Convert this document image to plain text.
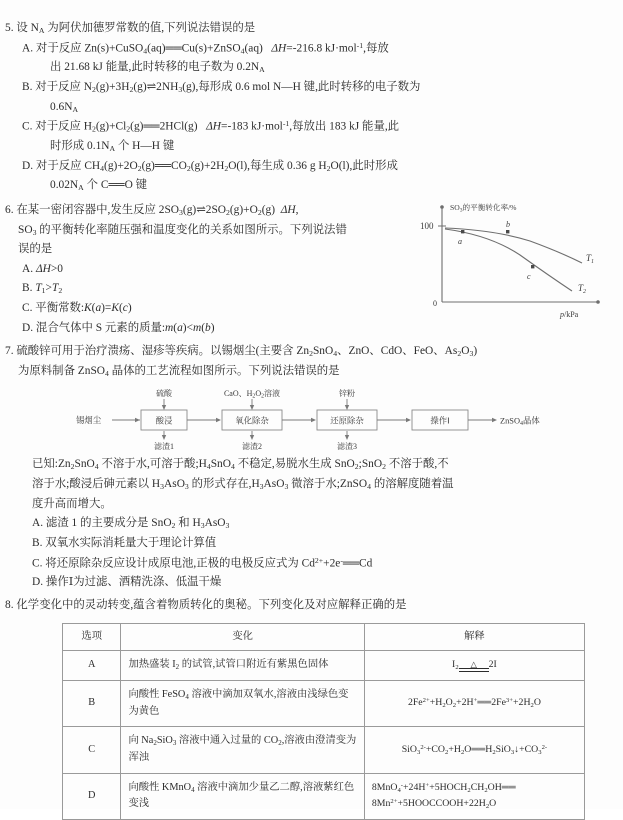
5. 设 $N_A$ 为阿伏加德罗常数的值,下列说法错误的是
A. 对于反应 Zn(s)+CuSO$_4$(aq)══Cu(s)+ZnSO$_4$(aq)   ΔH=-216.8 kJ·mol$^{-1}$,每放
出 21.68 kJ 能量,此时转移的电子数为 $0.2N_A$
B. 对于反应 $N_2(g)+3H_2(g)\rightleftharpoons 2NH_3(g)$,每形成 0.6 mol N—H 键,此时转移的电子数为
$0.6N_A$
C. 对于反应 $H_2(g)+Cl_2(g)══2HCl(g)$   ΔH=-183 kJ·mol$^{-1}$,每放出 183 kJ 能量,此
时形成 $0.1N_A$ 个 H—H 键
D. 对于反应 $CH_4(g)+2O_2(g)══CO_2(g)+2H_2O(l)$,每生成 0.36 g $H_2O(l)$,此时形成
$0.02N_A$ 个 C══O 键
6. 在某一密闭容器中,发生反应 $2SO_3(g)\rightleftharpoons 2SO_2(g)+O_2(g)$  ΔH,
$SO_3$ 的平衡转化率随压强和温度变化的关系如图所示。下列说法错
误的是
A. ΔH>0
B. $T_1>T_2$
C. 平衡常数:K(a)=K(c)
D. 混合气体中 S 元素的质量:m(a)<m(b)
100
0
$SO_3$的平衡转化率/%
p/kPa
a
b
c
$T_1$
$T_2$
7. 硫酸锌可用于治疗溃疡、湿疹等疾病。以锡烟尘(主要含 $Zn_2SnO_4$、ZnO、CdO、FeO、$As_2O_3$)
为原料制备 ZnSO$_4$ 晶体的工艺流程如图所示。下列说法错误的是
锡烟尘	酸浸
硫酸
滤渣1
氧化除杂
CaO、H2O2溶液
滤渣2
还原除杂
锌粉
滤渣3
操作Ⅰ	ZnSO4晶体
已知$:Zn_2SnO_4$ 不溶于水,可溶于酸$;H_4SnO_4$ 不稳定,易脱水生成 SnO$_2$;SnO$_2$ 不溶于酸,不
溶于水;酸浸后砷元素以 $H_3AsO_3$ 的形式存在$,H_3AsO_3$ 微溶于水;ZnSO$_4$ 的溶解度随着温
度升高而增大。
A. 滤渣 1 的主要成分是 SnO$_2$ 和 $H_3AsO_3$
B. 双氧水实际消耗量大于理论计算值
C. 将还原除杂反应设计成原电池,正极的电极反应式为 $Cd^{2+}+2e^-══Cd$
D. 操作Ⅰ为过滤、酒精洗涤、低温干燥
8. 化学变化中的灵动转变,蕴含着物质转化的奥秘。下列变化及对应解释正确的是
选项	变化	解释
A	加热盛装 $I_2$ 的试管,试管口附近有紫黑色固体	$I_2$ △ 2I
B	向酸性 FeSO$_4$ 溶液中滴加双氧水,溶液由浅绿色变为黄色	$2Fe^{2+}+H_2O_2+2H^+══2Fe^{3+}+2H_2O$
C	向 $Na_2SiO_3$ 溶液中通入过量的 $CO_2$,溶液由澄清变为浑浊	$SiO_3^{2-}+CO_2+H_2O══H_2SiO_3↓+CO_3^{2-}$
D	向酸性 KMnO$_4$ 溶液中滴加少量乙二醇,溶液紫红色变浅	$8MnO_4^-+24H^++5HOCH_2CH_2OH══$
$8Mn^{2+}+5HOOCCOOH+22H_2O$
